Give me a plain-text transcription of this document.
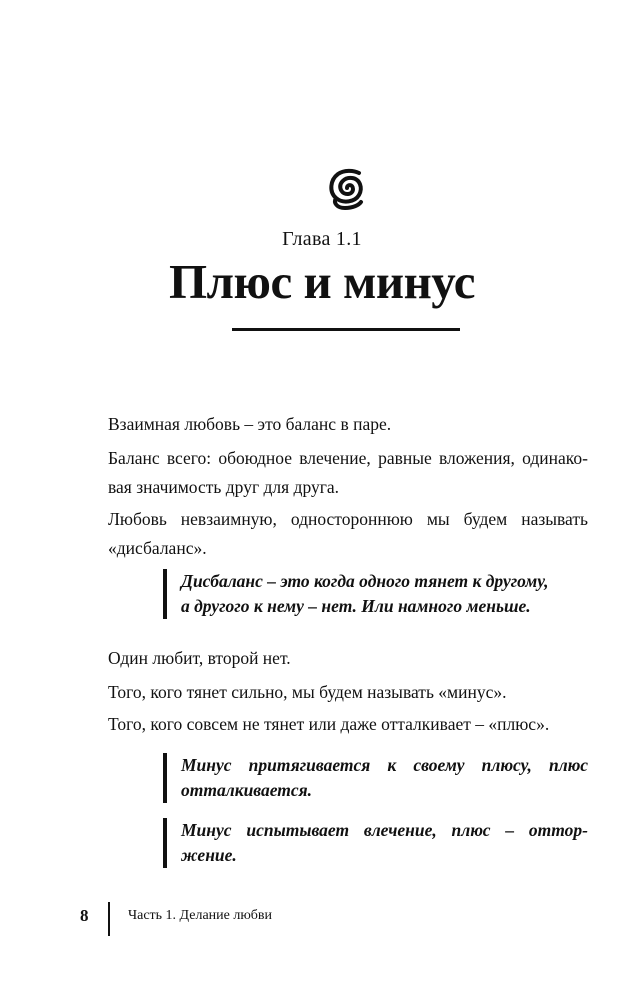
Глава 1.1
Плюс и минус

Взаимная любовь – это баланс в паре.

Баланс всего: обоюдное влечение, равные вложения, одинако-
вая значимость друг для друга.

Любовь невзаимную, одностороннюю мы будем называть
«дисбаланс».

Дисбаланс – это когда одного тянет к другому,
а другого к нему – нет. Или намного меньше.

Один любит, второй нет.

Того, кого тянет сильно, мы будем называть «минус».

Того, кого совсем не тянет или даже отталкивает – «плюс».

Минус притягивается к своему плюсу, плюс
отталкивается.
Минус испытывает влечение, плюс – оттор-
жение.
8	Часть 1. Делание любви
